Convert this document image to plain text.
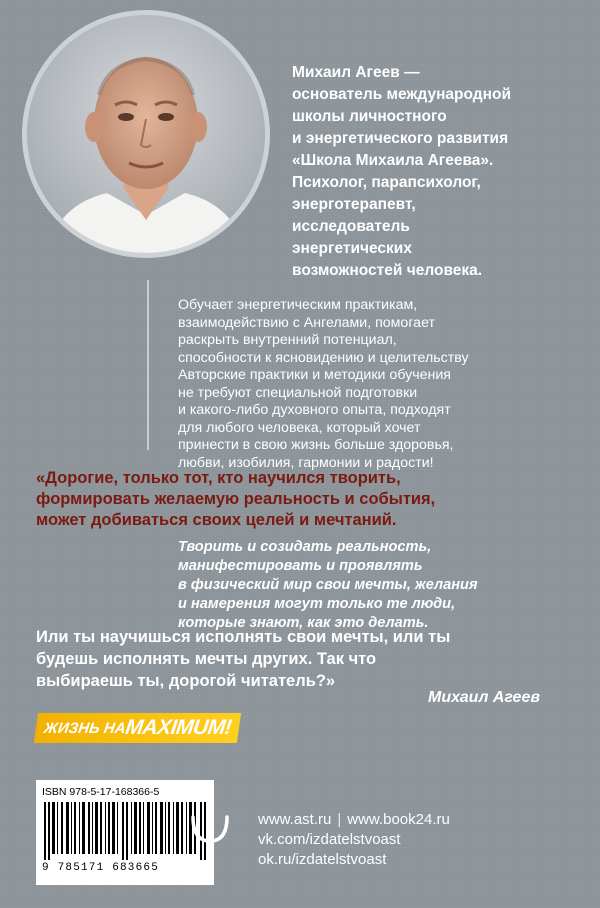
Михаил Агеев —
основатель международной
школы личностного
и энергетического развития
«Школа Михаила Агеева».
Психолог, парапсихолог,
энерготерапевт,
исследователь
энергетических
возможностей человека.
Обучает энергетическим практикам,
взаимодействию с Ангелами, помогает
раскрыть внутренний потенциал,
способности к ясновидению и целительству
Авторские практики и методики обучения
не требуют специальной подготовки
и какого-либо духовного опыта, подходят
для любого человека, который хочет
принести в свою жизнь больше здоровья,
любви, изобилия, гармонии и радости!
«Дорогие, только тот, кто научился творить,
формировать желаемую реальность и события,
может добиваться своих целей и мечтаний.
Творить и созидать реальность,
манифестировать и проявлять
в физический мир свои мечты, желания
и намерения могут только те люди,
которые знают, как это делать.
Или ты научишься исполнять свои мечты, или ты
будешь исполнять мечты других. Так что
выбираешь ты, дорогой читатель?»
Михаил Агеев
ЖИЗНЬ НА
MAXIMUM!
ISBN 978-5-17-168366-5
9 785171 683665
www.ast.ru | www.book24.ru
vk.com/izdatelstvoast
ok.ru/izdatelstvoast
